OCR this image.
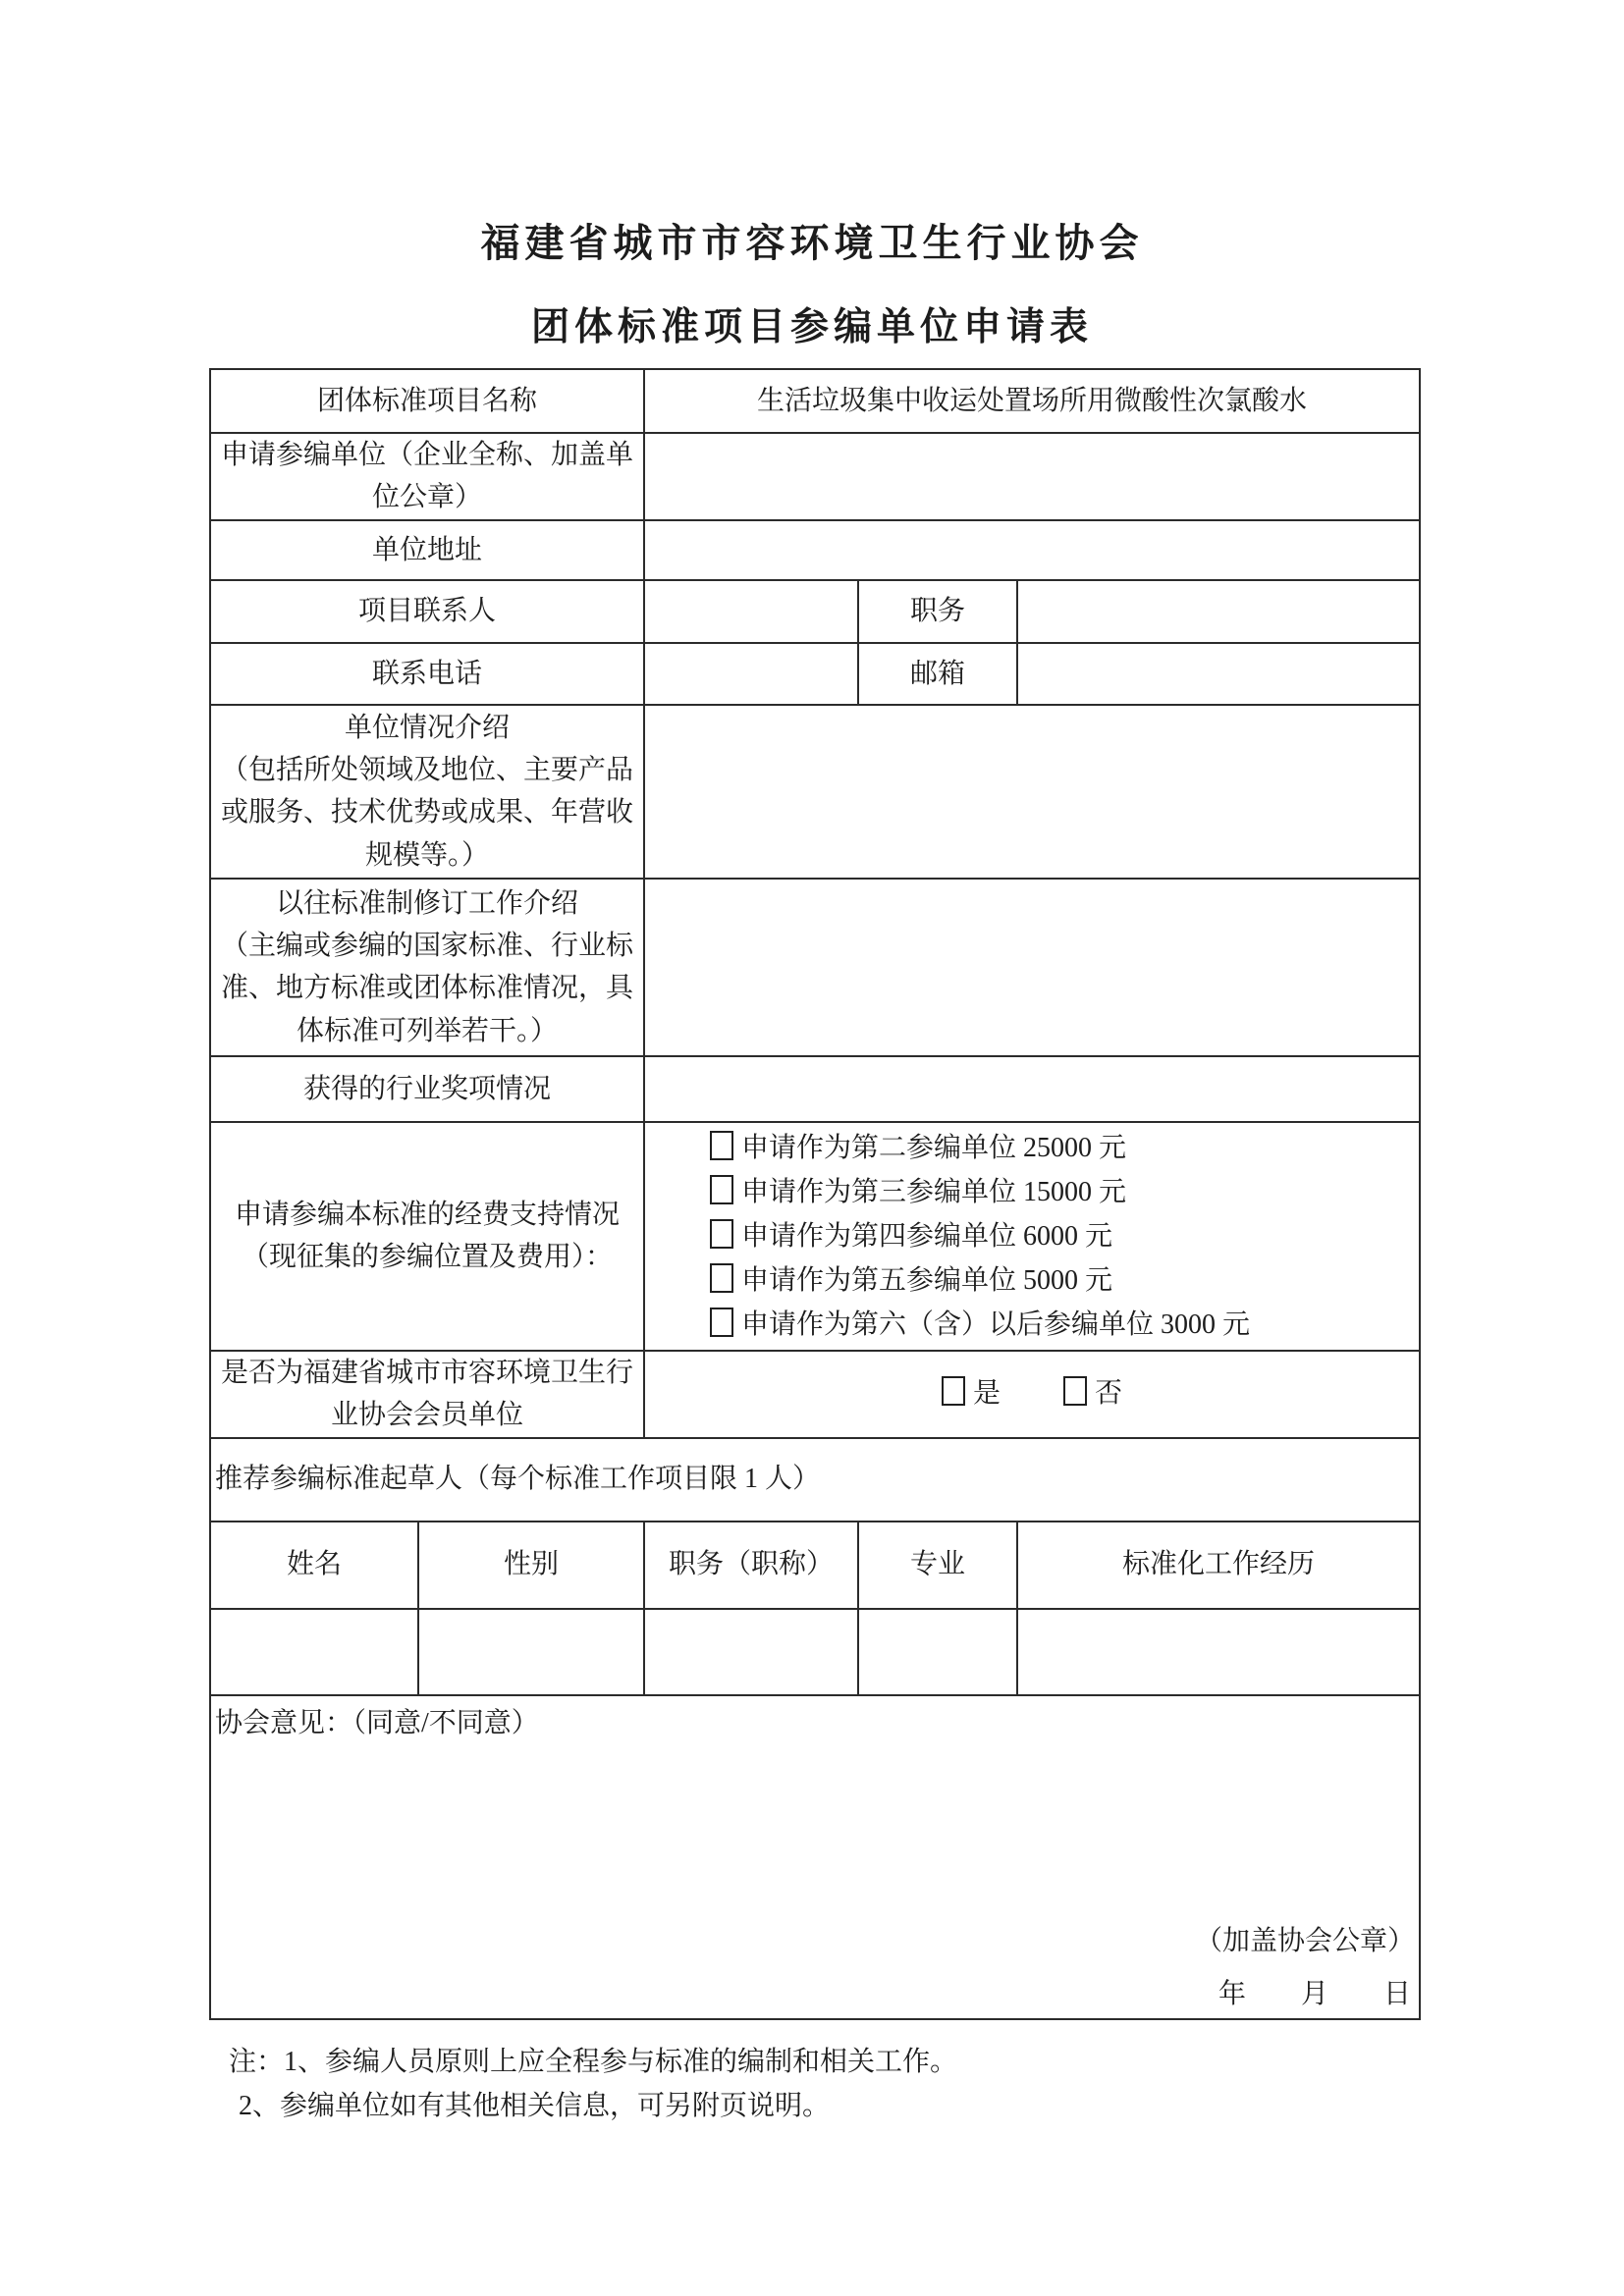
福建省城市市容环境卫生行业协会
团体标准项目参编单位申请表
团体标准项目名称		生活垃圾集中收运处置场所用微酸性次氯酸水		
申请参编单位（企业全称、加盖单位公章）				
单位地址				
项目联系人			职务	
联系电话			邮箱	

单位情况介绍
（包括所处领域及地位、主要产品或服务、技术优势或成果、年营收规模等。）				

以往标准制修订工作介绍
（主编或参编的国家标准、行业标准、地方标准或团体标准情况，具体标准可列举若干。）				

获得的行业奖项情况				

申请参编本标准的经费支持情况
（现征集的参编位置及费用）：

申请作为第二参编单位 25000 元
申请作为第三参编单位 15000 元
申请作为第四参编单位 6000 元
申请作为第五参编单位 5000 元
申请作为第六（含）以后参编单位 3000 元

是否为福建省城市市容环境卫生行业协会会员单位		是 否		
推荐参编标准起草人（每个标准工作项目限 1 人）				
姓名	性别	职务（职称）	专业	标准化工作经历

协会意见：（同意/不同意）
（加盖协会公章）
年　　月　　日				
注：1、参编人员原则上应全程参与标准的编制和相关工作。
2、参编单位如有其他相关信息，可另附页说明。
